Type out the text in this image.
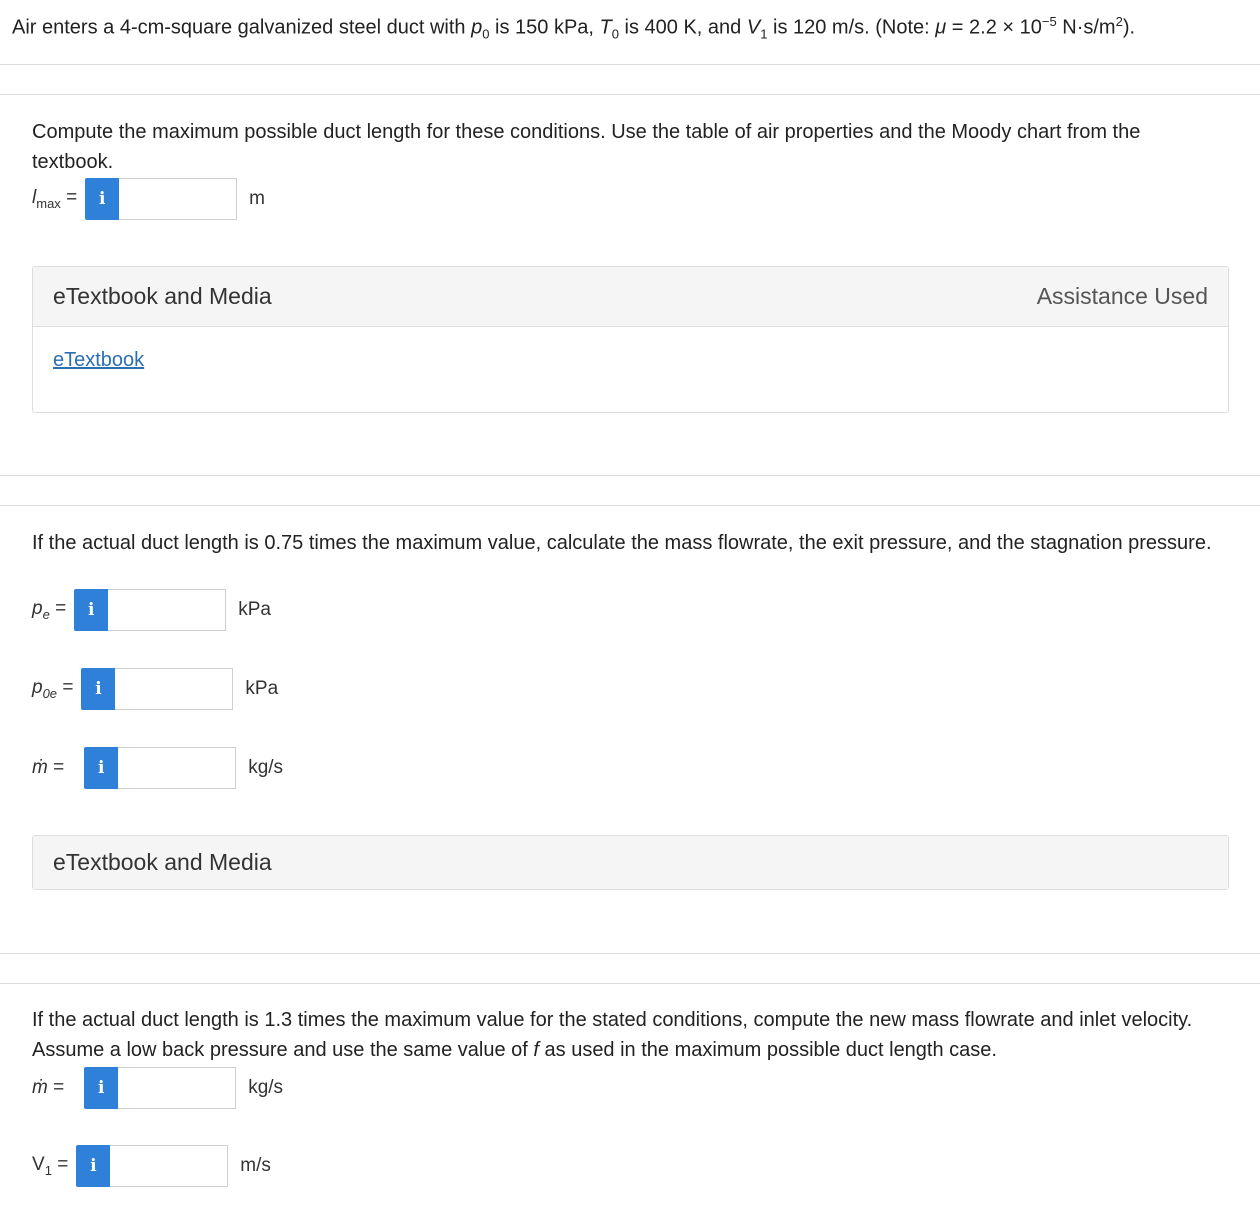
Air enters a 4-cm-square galvanized steel duct with $p_0$ is 150 kPa, $T_0$ is 400 K, and $V_1$ is 120 m/s. (Note: $\mu = 2.2 \times 10^{-5}$ $N\cdot s/m^2$).
Compute the maximum possible duct length for these conditions. Use the table of air properties and the Moody chart from the textbook.
$l_{max}$ =	i	m
eTextbook and Media	Assistance Used
eTextbook
If the actual duct length is 0.75 times the maximum value, calculate the mass flowrate, the exit pressure, and the stagnation pressure.
$p_e$ =	i	kPa
$p_{0e}$ =	i	kPa
ṁ =	i	kg/s
eTextbook and Media
If the actual duct length is 1.3 times the maximum value for the stated conditions, compute the new mass flowrate and inlet velocity. Assume a low back pressure and use the same value of f as used in the maximum possible duct length case.
ṁ =	i	kg/s
$V_1$ =	i	m/s
